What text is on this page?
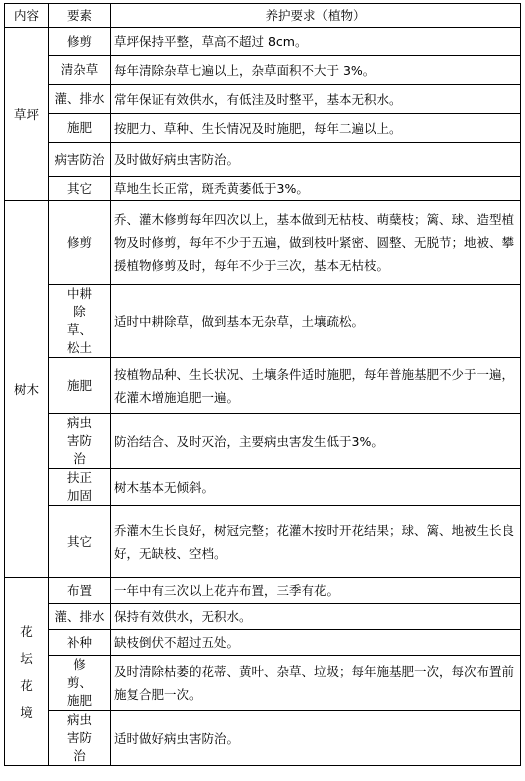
内容	要素	养护要求（植物）
草坪	修剪	草坪保持平整，草高不超过 8cm。
	清杂草	每年清除杂草七遍以上，杂草面积不大于 3%。
	灌、排水	常年保证有效供水，有低洼及时整平，基本无积水。
	施肥	按肥力、草种、生长情况及时施肥，每年二遍以上。
	病害防治	及时做好病虫害防治。
	其它	草地生长正常，斑秃黄萎低于3%。
树木	修剪	乔、灌木修剪每年四次以上，基本做到无枯枝、萌蘖枝；篱、球、造型植物及时修剪，每年不少于五遍，做到枝叶紧密、圆整、无脱节；地被、攀援植物修剪及时，每年不少于三次，基本无枯枝。
	中耕除草、松土	适时中耕除草，做到基本无杂草，土壤疏松。
	施肥	按植物品种、生长状况、土壤条件适时施肥，每年普施基肥不少于一遍，花灌木增施追肥一遍。
	病虫害防治	防治结合、及时灭治，主要病虫害发生低于3%。
	扶正加固	树木基本无倾斜。
	其它	乔灌木生长良好，树冠完整；花灌木按时开花结果；球、篱、地被生长良好，无缺枝、空档。
花坛花境	布置	一年中有三次以上花卉布置，三季有花。
	灌、排水	保持有效供水，无积水。
	补种	缺枝倒伏不超过五处。
	修剪、施肥	及时清除枯萎的花蒂、黄叶、杂草、垃圾；每年施基肥一次，每次布置前施复合肥一次。
	病虫害防治	适时做好病虫害防治。
